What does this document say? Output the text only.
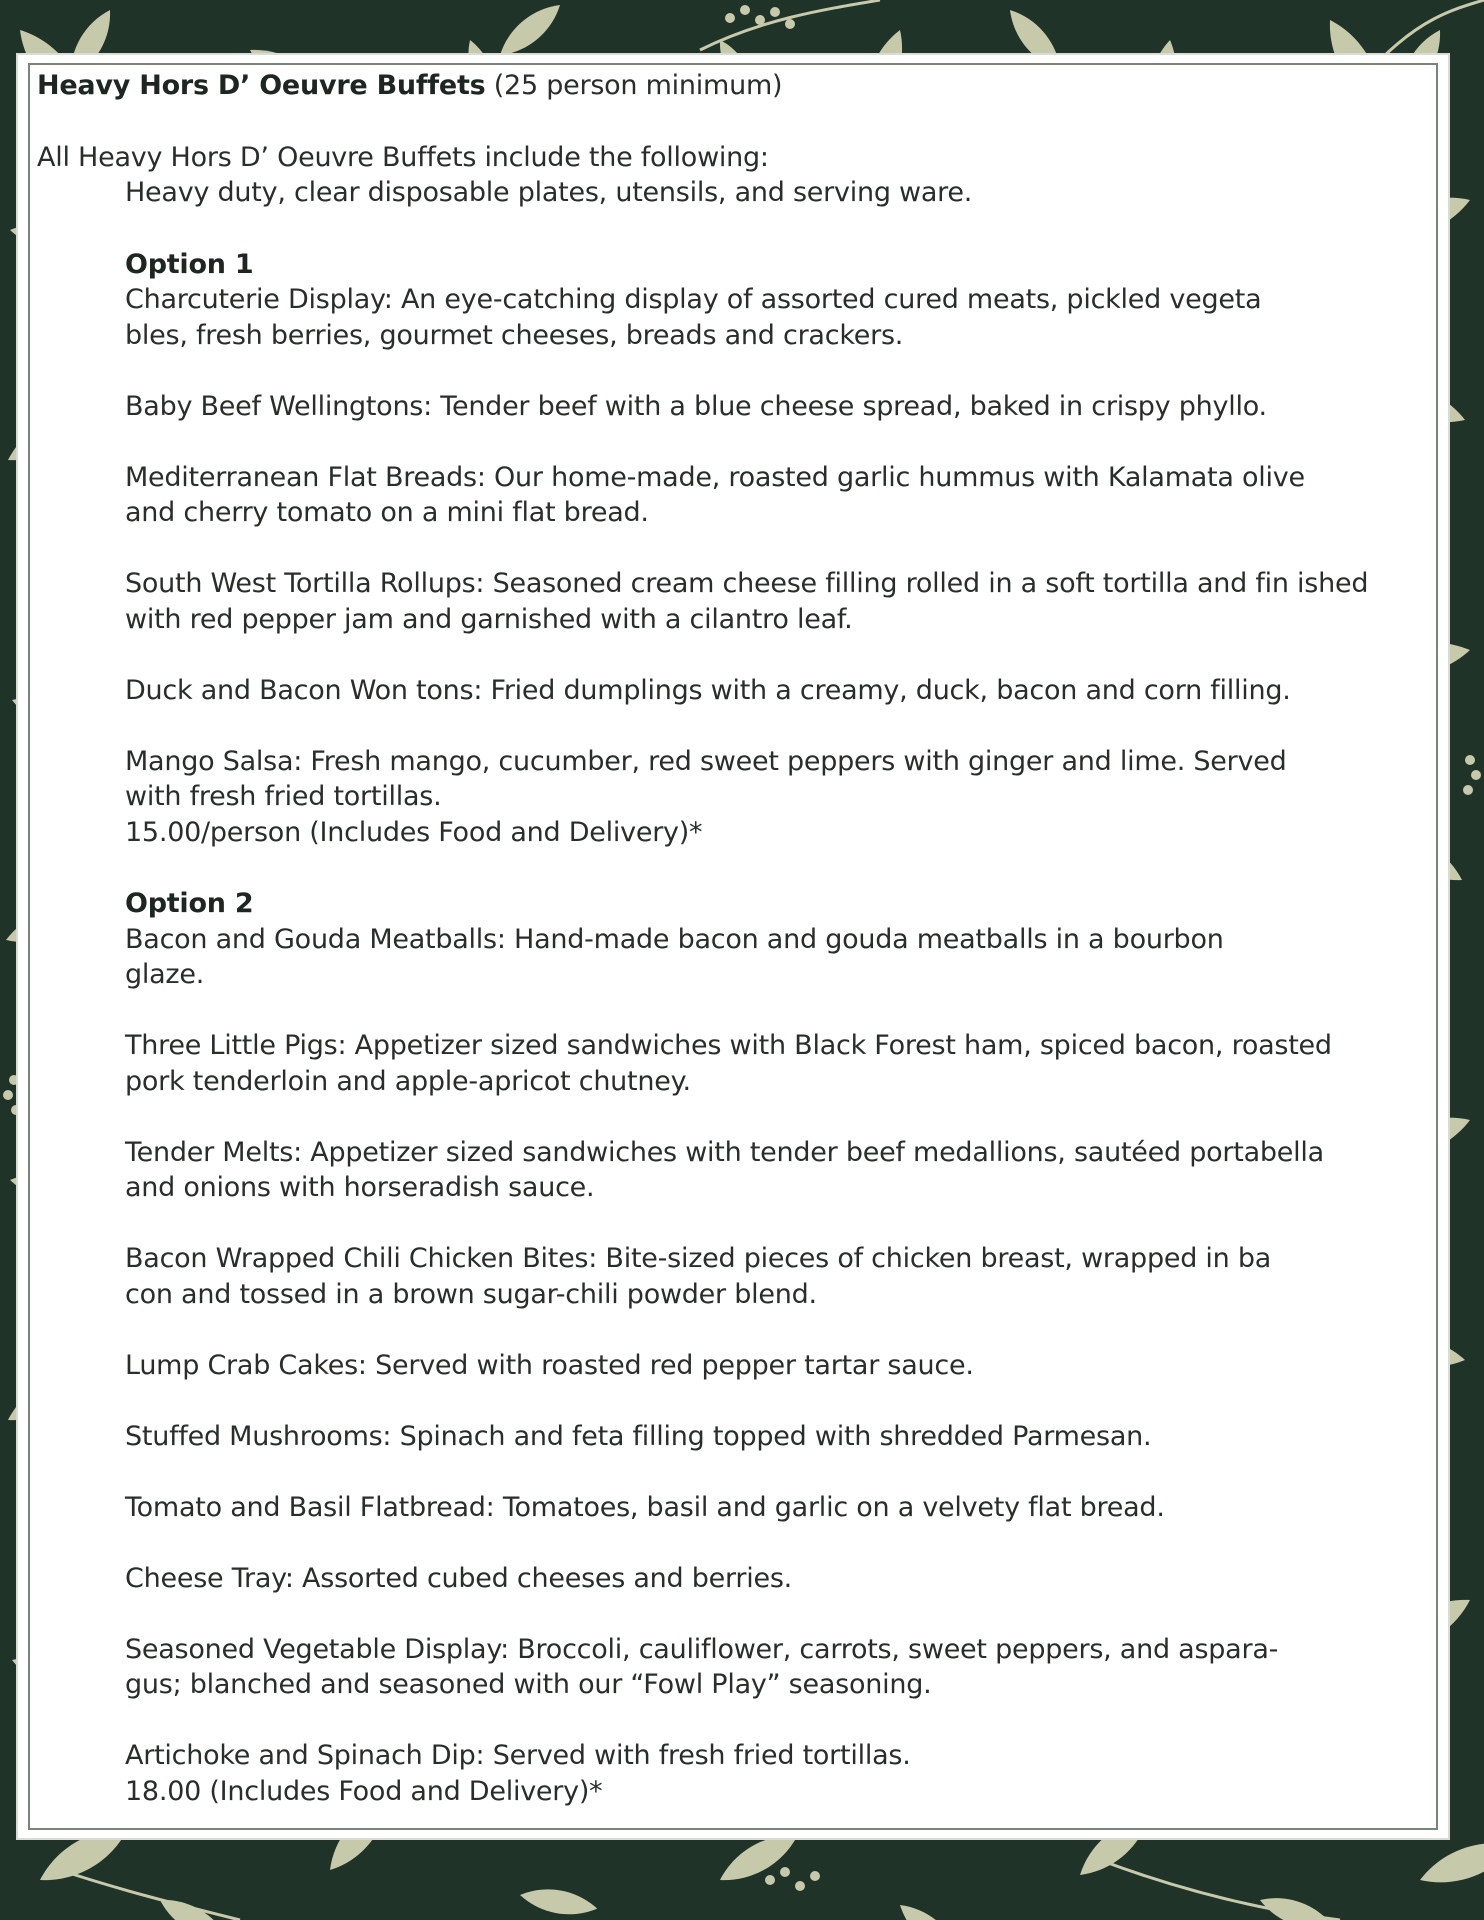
Heavy Hors D’ Oeuvre Buffets (25 person minimum)
All Heavy Hors D’ Oeuvre Buffets include the following:
Heavy duty, clear disposable plates, utensils, and serving ware.
Option 1
Charcuterie Display: An eye-catching display of assorted cured meats, pickled vegeta
bles, fresh berries, gourmet cheeses, breads and crackers.
Baby Beef Wellingtons: Tender beef with a blue cheese spread, baked in crispy phyllo.
Mediterranean Flat Breads: Our home-made, roasted garlic hummus with Kalamata olive
and cherry tomato on a mini flat bread.
South West Tortilla Rollups: Seasoned cream cheese filling rolled in a soft tortilla and fin ished
with red pepper jam and garnished with a cilantro leaf.
Duck and Bacon Won tons: Fried dumplings with a creamy, duck, bacon and corn filling.
Mango Salsa: Fresh mango, cucumber, red sweet peppers with ginger and lime. Served
with fresh fried tortillas.
15.00/person (Includes Food and Delivery)*
Option 2
Bacon and Gouda Meatballs: Hand-made bacon and gouda meatballs in a bourbon
glaze.
Three Little Pigs: Appetizer sized sandwiches with Black Forest ham, spiced bacon, roasted
pork tenderloin and apple-apricot chutney.
Tender Melts: Appetizer sized sandwiches with tender beef medallions, sautéed portabella
and onions with horseradish sauce.
Bacon Wrapped Chili Chicken Bites: Bite-sized pieces of chicken breast, wrapped in ba
con and tossed in a brown sugar-chili powder blend.
Lump Crab Cakes: Served with roasted red pepper tartar sauce.
Stuffed Mushrooms: Spinach and feta filling topped with shredded Parmesan.
Tomato and Basil Flatbread: Tomatoes, basil and garlic on a velvety flat bread.
Cheese Tray: Assorted cubed cheeses and berries.
Seasoned Vegetable Display: Broccoli, cauliflower, carrots, sweet peppers, and aspara-
gus; blanched and seasoned with our “Fowl Play” seasoning.
Artichoke and Spinach Dip: Served with fresh fried tortillas.
18.00 (Includes Food and Delivery)*
